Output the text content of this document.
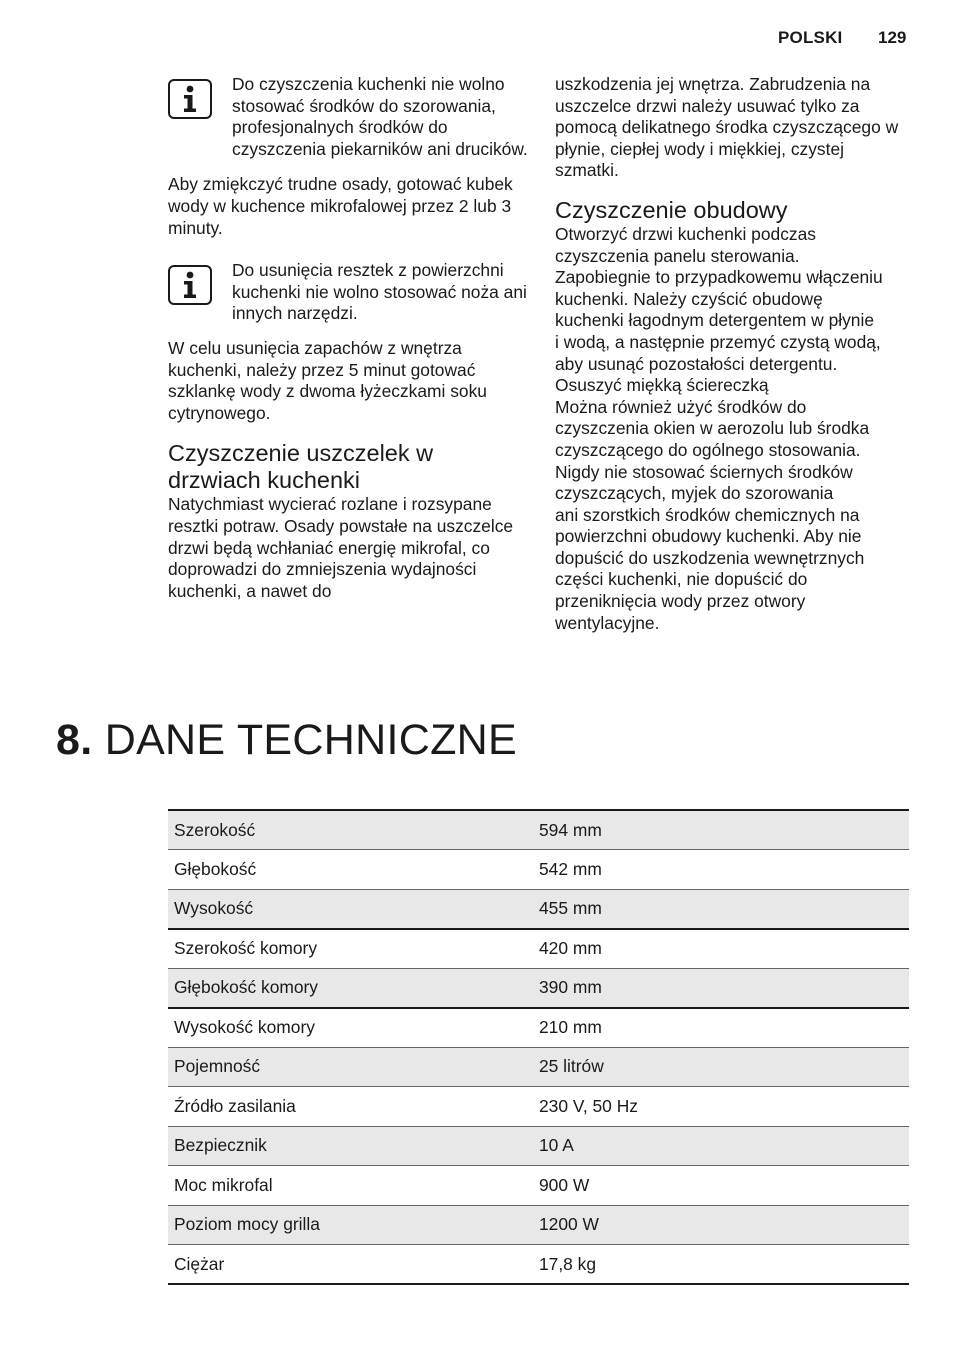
POLSKI 129

Do czyszczenia kuchenki nie wolno stosować środków do szorowania, profesjonalnych środków do czyszczenia piekarników ani drucików.

Aby zmiękczyć trudne osady, gotować kubek wody w kuchence mikrofalowej przez 2 lub 3 minuty.

Do usunięcia resztek z powierzchni kuchenki nie wolno stosować noża ani innych narzędzi.

W celu usunięcia zapachów z wnętrza kuchenki, należy przez 5 minut gotować szklankę wody z dwoma łyżeczkami soku cytrynowego.

Czyszczenie uszczelek w drzwiach kuchenki

Natychmiast wycierać rozlane i rozsypane resztki potraw. Osady powstałe na uszczelce drzwi będą wchłaniać energię mikrofal, co doprowadzi do zmniejszenia wydajności kuchenki, a nawet do

uszkodzenia jej wnętrza. Zabrudzenia na uszczelce drzwi należy usuwać tylko za pomocą delikatnego środka czyszczącego w płynie, ciepłej wody i miękkiej, czystej szmatki.

Czyszczenie obudowy
Otworzyć drzwi kuchenki podczas
czyszczenia panelu sterowania.
Zapobiegnie to przypadkowemu włączeniu
kuchenki. Należy czyścić obudowę
kuchenki łagodnym detergentem w płynie
i wodą, a następnie przemyć czystą wodą,
aby usunąć pozostałości detergentu.
Osuszyć miękką ściereczką
Można również użyć środków do
czyszczenia okien w aerozolu lub środka
czyszczącego do ogólnego stosowania.
Nigdy nie stosować ściernych środków
czyszczących, myjek do szorowania
ani szorstkich środków chemicznych na
powierzchni obudowy kuchenki. Aby nie
dopuścić do uszkodzenia wewnętrznych
części kuchenki, nie dopuścić do
przeniknięcia wody przez otwory
wentylacyjne.
8. DANE TECHNICZNE
Szerokość	594 mm
Głębokość	542 mm
Wysokość	455 mm
Szerokość komory	420 mm
Głębokość komory	390 mm
Wysokość komory	210 mm
Pojemność	25 litrów
Źródło zasilania	230 V, 50 Hz
Bezpiecznik	10 A
Moc mikrofal	900 W
Poziom mocy grilla	1200 W
Ciężar	17,8 kg
